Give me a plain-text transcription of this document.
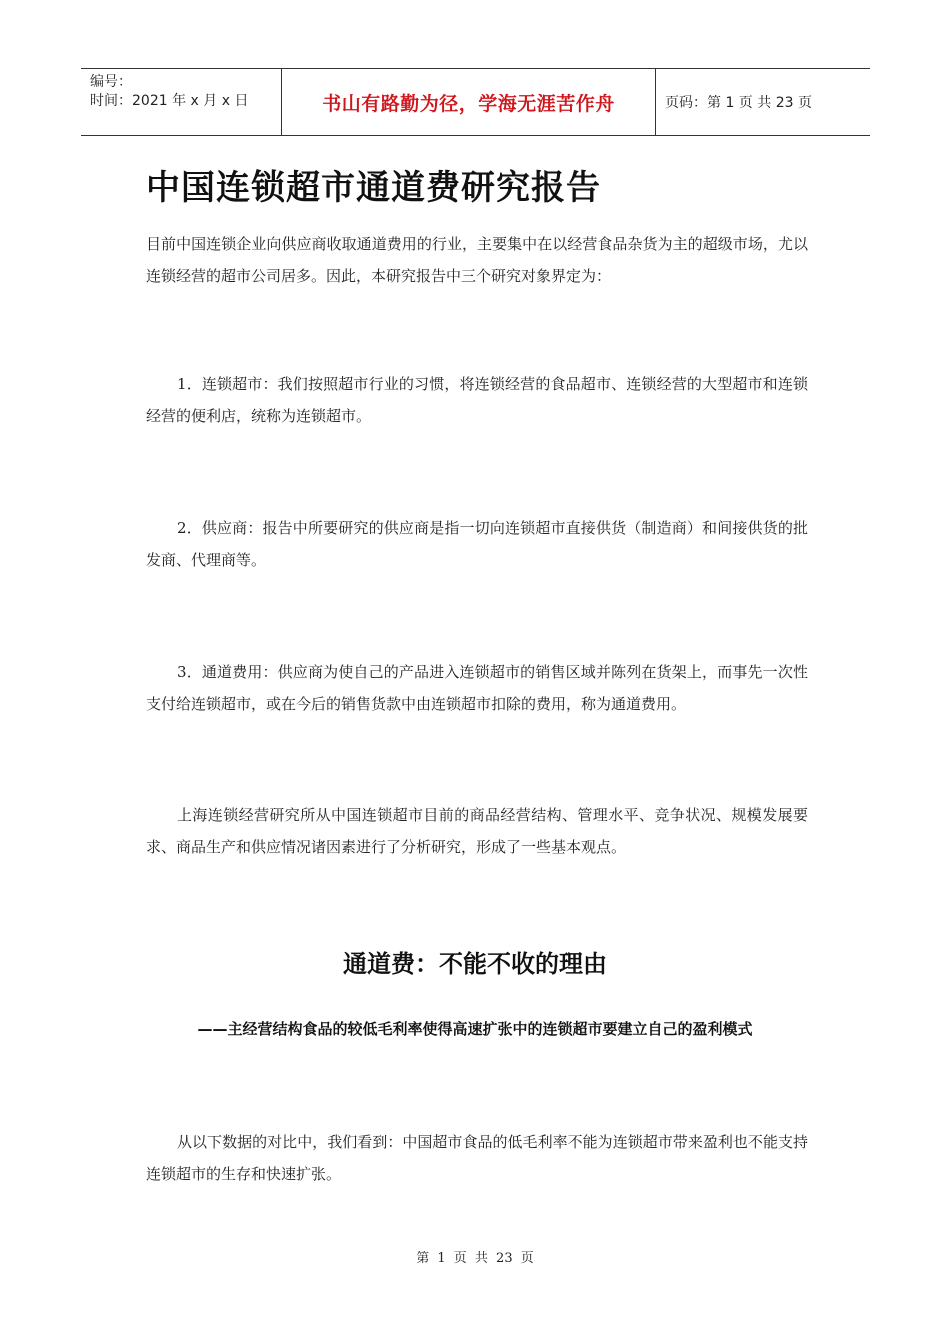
编号：
时间：2021 年 x 月 x 日	书山有路勤为径，学海无涯苦作舟	页码：第 1 页 共 23 页
中国连锁超市通道费研究报告
目前中国连锁企业向供应商收取通道费用的行业，主要集中在以经营食品杂货为主的超级市场，尤以连锁经营的超市公司居多。因此，本研究报告中三个研究对象界定为：
1．连锁超市：我们按照超市行业的习惯，将连锁经营的食品超市、连锁经营的大型超市和连锁经营的便利店，统称为连锁超市。
2．供应商：报告中所要研究的供应商是指一切向连锁超市直接供货（制造商）和间接供货的批发商、代理商等。
3．通道费用：供应商为使自己的产品进入连锁超市的销售区域并陈列在货架上，而事先一次性支付给连锁超市，或在今后的销售货款中由连锁超市扣除的费用，称为通道费用。
上海连锁经营研究所从中国连锁超市目前的商品经营结构、管理水平、竞争状况、规模发展要求、商品生产和供应情况诸因素进行了分析研究，形成了一些基本观点。
通道费：不能不收的理由
——主经营结构食品的较低毛利率使得高速扩张中的连锁超市要建立自己的盈利模式
从以下数据的对比中，我们看到：中国超市食品的低毛利率不能为连锁超市带来盈利也不能支持连锁超市的生存和快速扩张。
第 1 页 共 23 页
